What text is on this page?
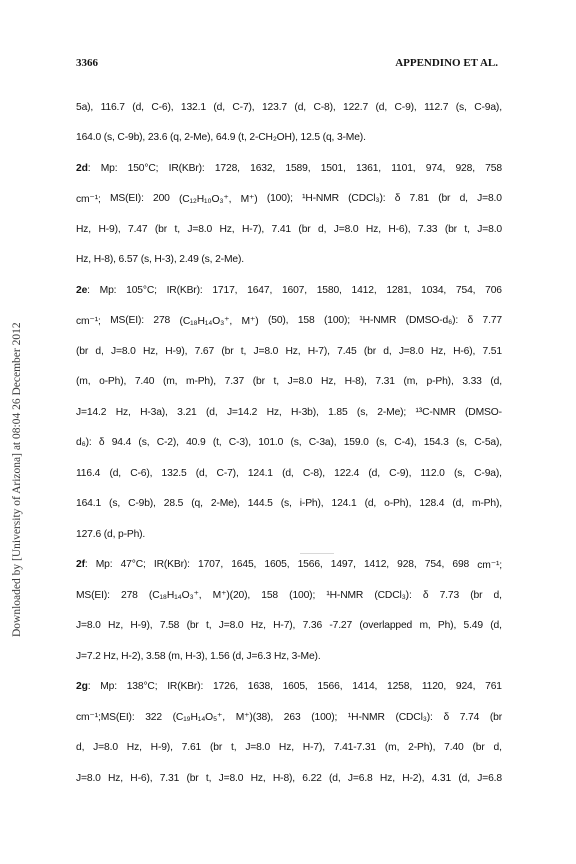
3366	APPENDINO ET AL.
Downloaded by [University of Arizona] at 08:04 26 December 2012
5a), 116.7 (d, C-6), 132.1 (d, C-7), 123.7 (d, C-8), 122.7 (d, C-9), 112.7 (s, C-9a),
164.0 (s, C-9b), 23.6 (q, 2-Me), 64.9 (t, 2-CH₂OH), 12.5 (q, 3-Me).
2d: Mp: 150°C; IR(KBr): 1728, 1632, 1589, 1501, 1361, 1101, 974, 928, 758
cm⁻¹; MS(EI): 200 (C₁₂H₁₀O₃⁺, M⁺) (100); ¹H-NMR (CDCl₃): δ 7.81 (br d, J=8.0
Hz, H-9), 7.47 (br t, J=8.0 Hz, H-7), 7.41 (br d, J=8.0 Hz, H-6), 7.33 (br t, J=8.0
Hz, H-8), 6.57 (s, H-3), 2.49 (s, 2-Me).
2e: Mp: 105°C; IR(KBr): 1717, 1647, 1607, 1580, 1412, 1281, 1034, 754, 706
cm⁻¹; MS(EI): 278 (C₁₈H₁₄O₃⁺, M⁺) (50), 158 (100); ¹H-NMR (DMSO-d₆): δ 7.77
(br d, J=8.0 Hz, H-9), 7.67 (br t, J=8.0 Hz, H-7), 7.45 (br d, J=8.0 Hz, H-6), 7.51
(m, o-Ph), 7.40 (m, m-Ph), 7.37 (br t, J=8.0 Hz, H-8), 7.31 (m, p-Ph), 3.33 (d,
J=14.2 Hz, H-3a), 3.21 (d, J=14.2 Hz, H-3b), 1.85 (s, 2-Me); ¹³C-NMR (DMSO-
d₆): δ 94.4 (s, C-2), 40.9 (t, C-3), 101.0 (s, C-3a), 159.0 (s, C-4), 154.3 (s, C-5a),
116.4 (d, C-6), 132.5 (d, C-7), 124.1 (d, C-8), 122.4 (d, C-9), 112.0 (s, C-9a),
164.1 (s, C-9b), 28.5 (q, 2-Me), 144.5 (s, i-Ph), 124.1 (d, o-Ph), 128.4 (d, m-Ph),
127.6 (d, p-Ph).
2f: Mp: 47°C; IR(KBr): 1707, 1645, 1605, 1566, 1497, 1412, 928, 754, 698 cm⁻¹;
MS(EI): 278 (C₁₈H₁₄O₃⁺, M⁺)(20), 158 (100); ¹H-NMR (CDCl₃): δ 7.73 (br d,
J=8.0 Hz, H-9), 7.58 (br t, J=8.0 Hz, H-7), 7.36 -7.27 (overlapped m, Ph), 5.49 (d,
J=7.2 Hz, H-2), 3.58 (m, H-3), 1.56 (d, J=6.3 Hz, 3-Me).
2g: Mp: 138°C; IR(KBr): 1726, 1638, 1605, 1566, 1414, 1258, 1120, 924, 761
cm⁻¹;MS(EI): 322 (C₁₉H₁₄O₅⁺, M⁺)(38), 263 (100); ¹H-NMR (CDCl₃): δ 7.74 (br
d, J=8.0 Hz, H-9), 7.61 (br t, J=8.0 Hz, H-7), 7.41-7.31 (m, 2-Ph), 7.40 (br d,
J=8.0 Hz, H-6), 7.31 (br t, J=8.0 Hz, H-8), 6.22 (d, J=6.8 Hz, H-2), 4.31 (d, J=6.8
